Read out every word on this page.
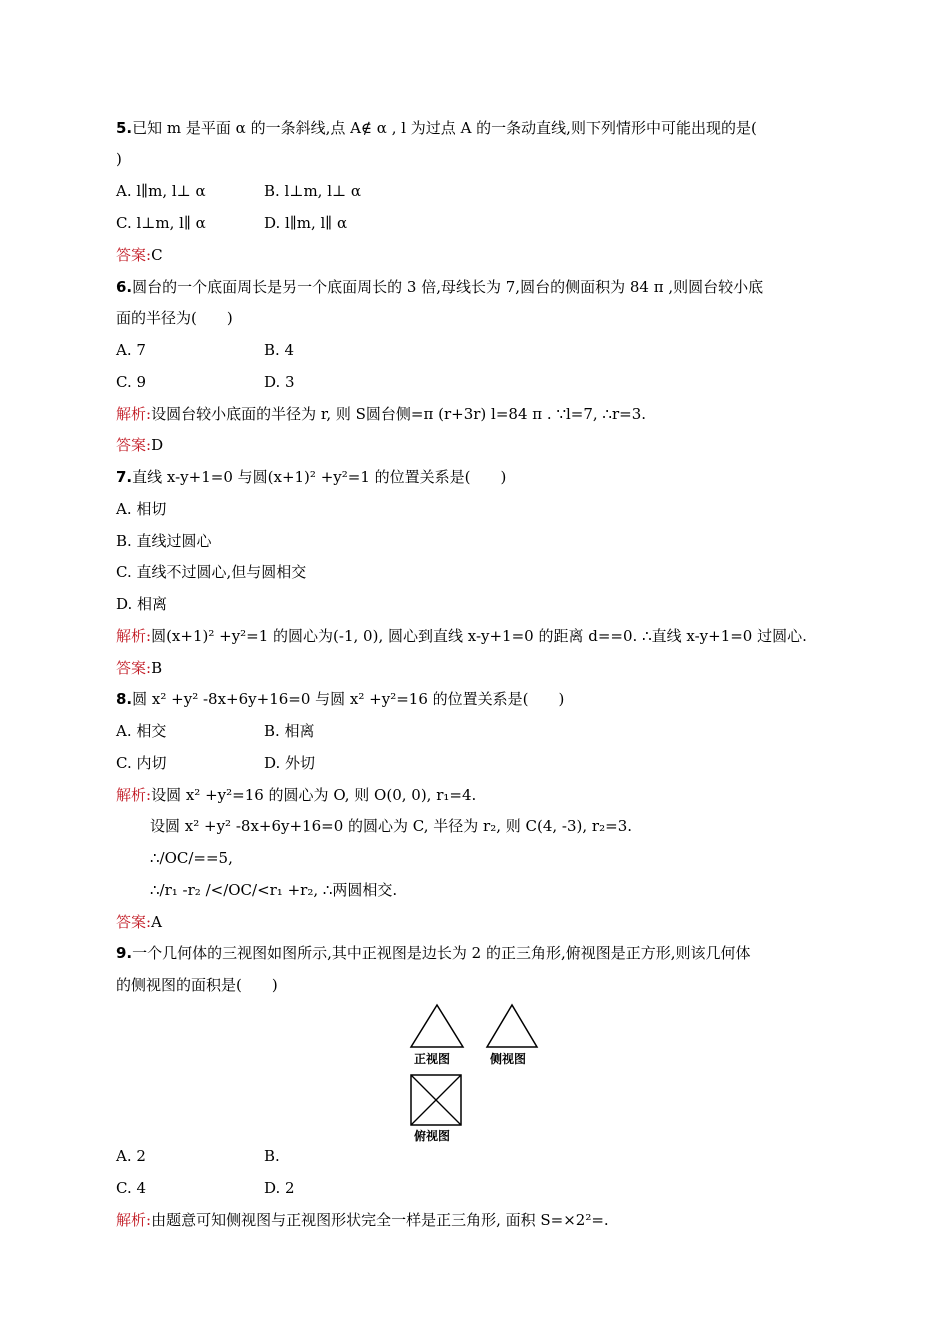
5.已知 m 是平面 α 的一条斜线,点 A∉ α , l 为过点 A 的一条动直线,则下列情形中可能出现的是(
)
A. l∥m, l⊥ α	B. l⊥m, l⊥ α
C. l⊥m, l∥ α	D. l∥m, l∥ α
答案:C
6.圆台的一个底面周长是另一个底面周长的 3 倍,母线长为 7,圆台的侧面积为 84 π ,则圆台较小底
面的半径为(　　)
A. 7	B. 4
C. 9	D. 3
解析:设圆台较小底面的半径为 r, 则 S圆台侧=π (r+3r) l=84 π . ∵l=7, ∴r=3.
答案:D
7.直线 x-y+1=0 与圆(x+1)² +y²=1 的位置关系是(　　)
A. 相切
B. 直线过圆心
C. 直线不过圆心,但与圆相交
D. 相离
解析:圆(x+1)² +y²=1 的圆心为(-1, 0), 圆心到直线 x-y+1=0 的距离 d==0. ∴直线 x-y+1=0 过圆心.
答案:B
8.圆 x² +y² -8x+6y+16=0 与圆 x² +y²=16 的位置关系是(　　)
A. 相交	B. 相离
C. 内切	D. 外切
解析:设圆 x² +y²=16 的圆心为 O, 则 O(0, 0), r₁=4.
设圆 x² +y² -8x+6y+16=0 的圆心为 C, 半径为 r₂, 则 C(4, -3), r₂=3.
∴/OC/==5,
∴/r₁ -r₂ /</OC/<r₁ +r₂, ∴两圆相交.
答案:A
9.一个几何体的三视图如图所示,其中正视图是边长为 2 的正三角形,俯视图是正方形,则该几何体
的侧视图的面积是(　　)
正视图	侧视图
俯视图
A. 2	B.
C. 4	D. 2
解析:由题意可知侧视图与正视图形状完全一样是正三角形, 面积 S=×2²=.
